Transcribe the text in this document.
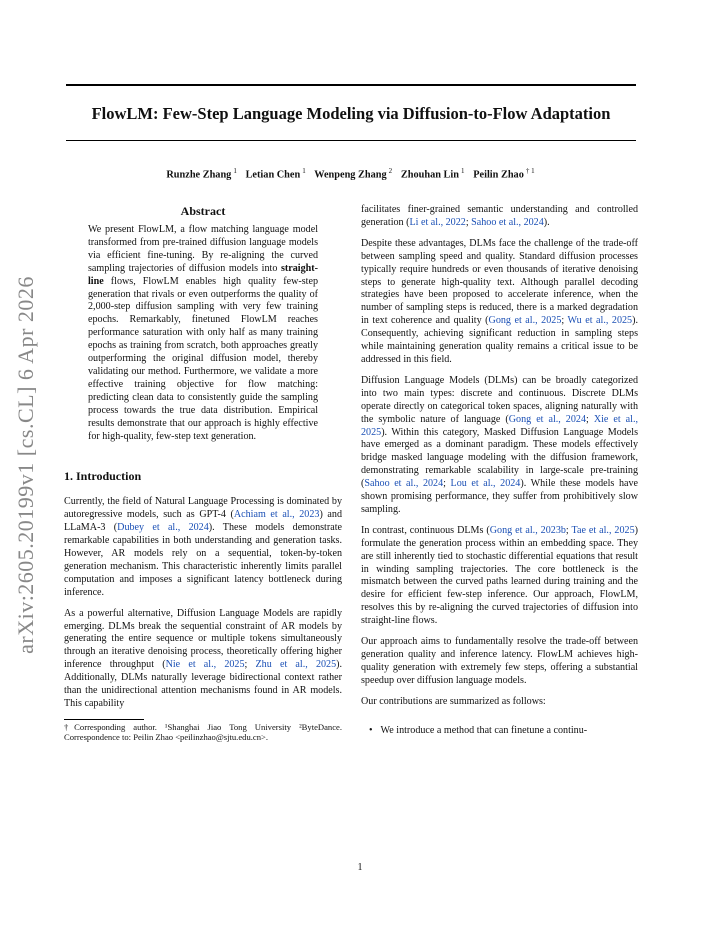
FlowLM: Few-Step Language Modeling via Diffusion-to-Flow Adaptation
Runzhe Zhang $^1$ Letian Chen $^1$ Wenpeng Zhang $^2$ Zhouhan Lin $^1$ Peilin Zhao $^{\dagger 1}$
arXiv:2605.20199v1 [cs.CL] 6 Apr 2026
Abstract
We present FlowLM, a flow matching language model transformed from pre-trained diffusion language models via efficient fine-tuning. By re-aligning the curved sampling trajectories of diffusion models into straight-line flows, FlowLM enables high quality few-step generation that rivals or even outperforms the quality of 2,000-step diffusion sampling with very few training epochs. Remarkably, finetuned FlowLM reaches performance saturation with only half as many training epochs as training from scratch, both approaches greatly outperforming the original diffusion model, thereby validating our method. Furthermore, we validate a more effective training objective for flow matching: predicting clean data to consistently guide the sampling process towards the true data distribution. Empirical results demonstrate that our approach is highly effective for high-quality, few-step text generation.
1. Introduction

Currently, the field of Natural Language Processing is dominated by autoregressive models, such as GPT-4 (Achiam et al., 2023) and LLaMA-3 (Dubey et al., 2024). These models demonstrate remarkable capabilities in both understanding and generation tasks. However, AR models rely on a sequential, token-by-token generation mechanism. This characteristic inherently limits parallel computation and imposes a significant latency bottleneck during inference.

As a powerful alternative, Diffusion Language Models are rapidly emerging. DLMs break the sequential constraint of AR models by generating the entire sequence or multiple tokens simultaneously through an iterative denoising process, theoretically offering higher inference throughput (Nie et al., 2025; Zhu et al., 2025). Additionally, DLMs naturally leverage bidirectional context rather than the unidirectional attention mechanisms found in AR models. This capability

†Corresponding author. ¹Shanghai Jiao Tong University ²ByteDance. Correspondence to: Peilin Zhao <peilinzhao@sjtu.edu.cn>.

facilitates finer-grained semantic understanding and controlled generation (Li et al., 2022; Sahoo et al., 2024).

Despite these advantages, DLMs face the challenge of the trade-off between sampling speed and quality. Standard diffusion processes typically require hundreds or even thousands of iterative denoising steps to generate high-quality text. Although parallel decoding strategies have been proposed to accelerate inference, when the number of sampling steps is reduced, there is a marked degradation in text coherence and quality (Gong et al., 2025; Wu et al., 2025). Consequently, achieving significant reduction in sampling steps while maintaining generation quality remains a critical issue to be addressed in this field.

Diffusion Language Models (DLMs) can be broadly categorized into two main types: discrete and continuous. Discrete DLMs operate directly on categorical token spaces, aligning naturally with the symbolic nature of language (Gong et al., 2024; Xie et al., 2025). Within this category, Masked Diffusion Language Models have emerged as a dominant paradigm. These models effectively bridge masked language modeling with the diffusion framework, demonstrating remarkable scalability in large-scale pre-training (Sahoo et al., 2024; Lou et al., 2024). While these models have shown promising performance, they suffer from prohibitively slow sampling.

In contrast, continuous DLMs (Gong et al., 2023b; Tae et al., 2025) formulate the generation process within an embedding space. They are still inherently tied to stochastic differential equations that result in winding sampling trajectories. The core bottleneck is the mismatch between the curved paths learned during training and the desire for efficient few-step inference. Our approach, FlowLM, resolves this by re-aligning the curved trajectories of diffusion into straight-line flows.

Our approach aims to fundamentally resolve the trade-off between generation quality and inference latency. FlowLM achieves high-quality generation with extremely few steps, offering a substantial speedup over diffusion language models.

Our contributions are summarized as follows:

• We introduce a method that can finetune a continu-
1
